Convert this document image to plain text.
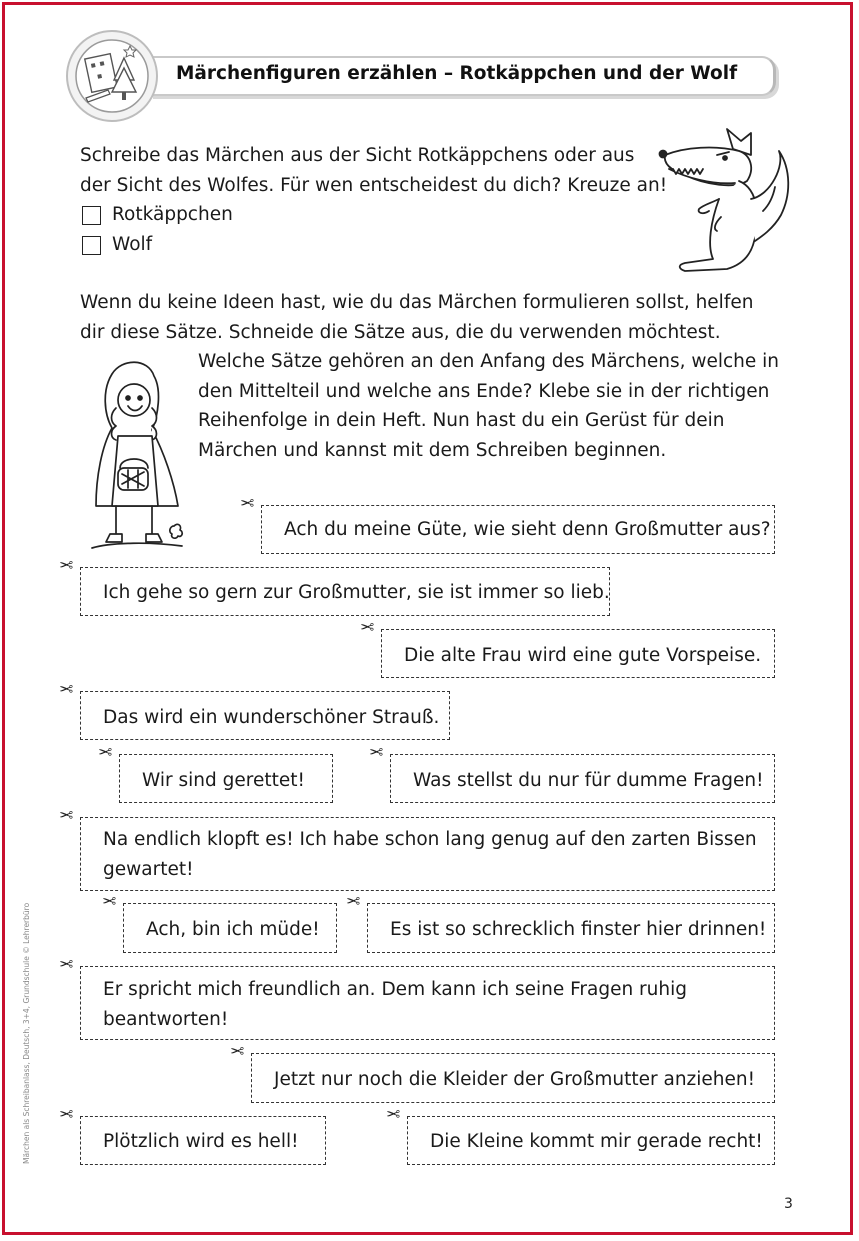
Märchenfiguren erzählen – Rotkäppchen und der Wolf
Schreibe das Märchen aus der Sicht Rotkäppchens oder aus
der Sicht des Wolfes. Für wen entscheidest du dich? Kreuze an!
Rotkäppchen
Wolf
Wenn du keine Ideen hast, wie du das Märchen formulieren sollst, helfen
dir diese Sätze. Schneide die Sätze aus, die du verwenden möchtest.
Welche Sätze gehören an den Anfang des Märchens, welche in
den Mittelteil und welche ans Ende? Klebe sie in der richtigen
Reihenfolge in dein Heft. Nun hast du ein Gerüst für dein
Märchen und kannst mit dem Schreiben beginnen.
✂
Ach du meine Güte, wie sieht denn Großmutter aus?
✂
Ich gehe so gern zur Großmutter, sie ist immer so lieb.
✂
Die alte Frau wird eine gute Vorspeise.
✂
Das wird ein wunderschöner Strauß.
✂
Wir sind gerettet!
✂
Was stellst du nur für dumme Fragen!
✂
Na endlich klopft es! Ich habe schon lang genug auf den zarten Bissen
gewartet!
✂
Ach, bin ich müde!
✂
Es ist so schrecklich finster hier drinnen!
✂
Er spricht mich freundlich an. Dem kann ich seine Fragen ruhig
beantworten!
✂
Jetzt nur noch die Kleider der Großmutter anziehen!
✂
Plötzlich wird es hell!
✂
Die Kleine kommt mir gerade recht!
Märchen als Schreibanlass, Deutsch, 3+4, Grundschule © Lehrerbüro
3
